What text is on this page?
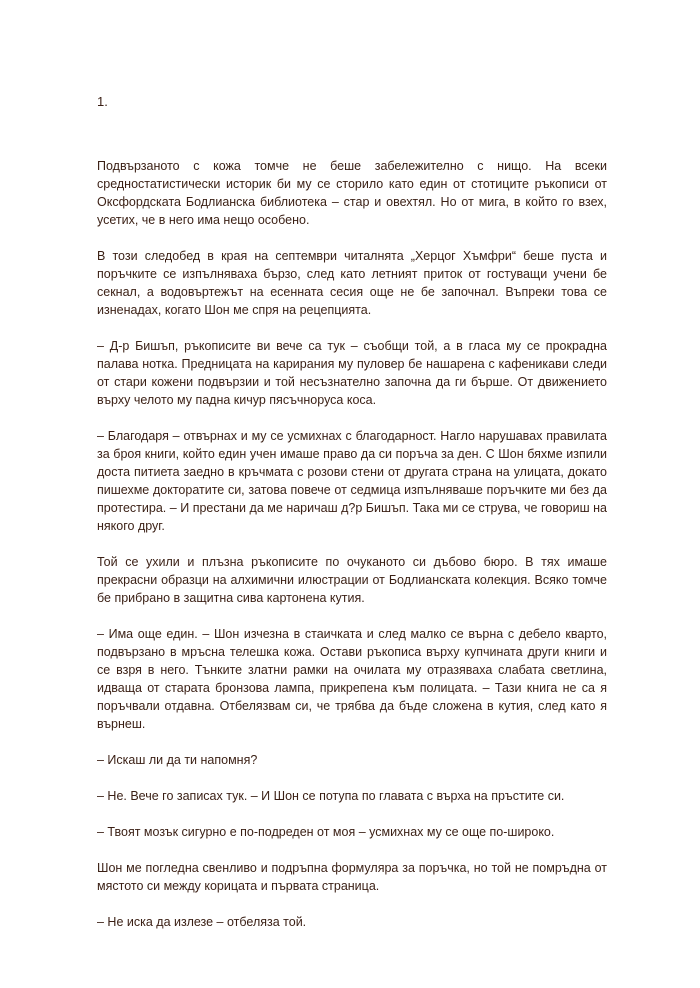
1.

Подвързаното с кожа томче не беше забележително с нищо. На всеки средностатистически историк би му се сторило като един от стотиците ръкописи от Оксфордската Бодлианска библиотека – стар и овехтял. Но от мига, в който го взех, усетих, че в него има нещо особено.

В този следобед в края на септември читалнята „Херцог Хъмфри“ беше пуста и поръчките се изпълняваха бързо, след като летният приток от гостуващи учени бе секнал, а водовъртежът на есенната сесия още не бе започнал. Въпреки това се изненадах, когато Шон ме спря на рецепцията.

– Д-р Бишъп, ръкописите ви вече са тук – съобщи той, а в гласа му се прокрадна палава нотка. Предницата на карирания му пуловер бе нашарена с кафеникави следи от стари кожени подвързии и той несъзнателно започна да ги бърше. От движението върху челото му падна кичур пясъчноруса коса.

– Благодаря – отвърнах и му се усмихнах с благодарност. Нагло нарушавах правилата за броя книги, който един учен имаше право да си поръча за ден. С Шон бяхме изпили доста питиета заедно в кръчмата с розови стени от другата страна на улицата, докато пишехме докторатите си, затова повече от седмица изпълняваше поръчките ми без да протестира. – И престани да ме наричаш д?р Бишъп. Така ми се струва, че говориш на някого друг.

Той се ухили и плъзна ръкописите по очуканото си дъбово бюро. В тях имаше прекрасни образци на алхимични илюстрации от Бодлианската колекция. Всяко томче бе прибрано в защитна сива картонена кутия.

– Има още един. – Шон изчезна в стаичката и след малко се върна с дебело кварто, подвързано в мръсна телешка кожа. Остави ръкописа върху купчината други книги и се взря в него. Тънките златни рамки на очилата му отразяваха слабата светлина, идваща от старата бронзова лампа, прикрепена към полицата. – Тази книга не са я поръчвали отдавна. Отбелязвам си, че трябва да бъде сложена в кутия, след като я върнеш.

– Искаш ли да ти напомня?

– Не. Вече го записах тук. – И Шон се потупа по главата с върха на пръстите си.

– Твоят мозък сигурно е по-подреден от моя – усмихнах му се още по-широко.

Шон ме погледна свенливо и подръпна формуляра за поръчка, но той не помръдна от мястото си между корицата и първата страница.

– Не иска да излезе – отбеляза той.
